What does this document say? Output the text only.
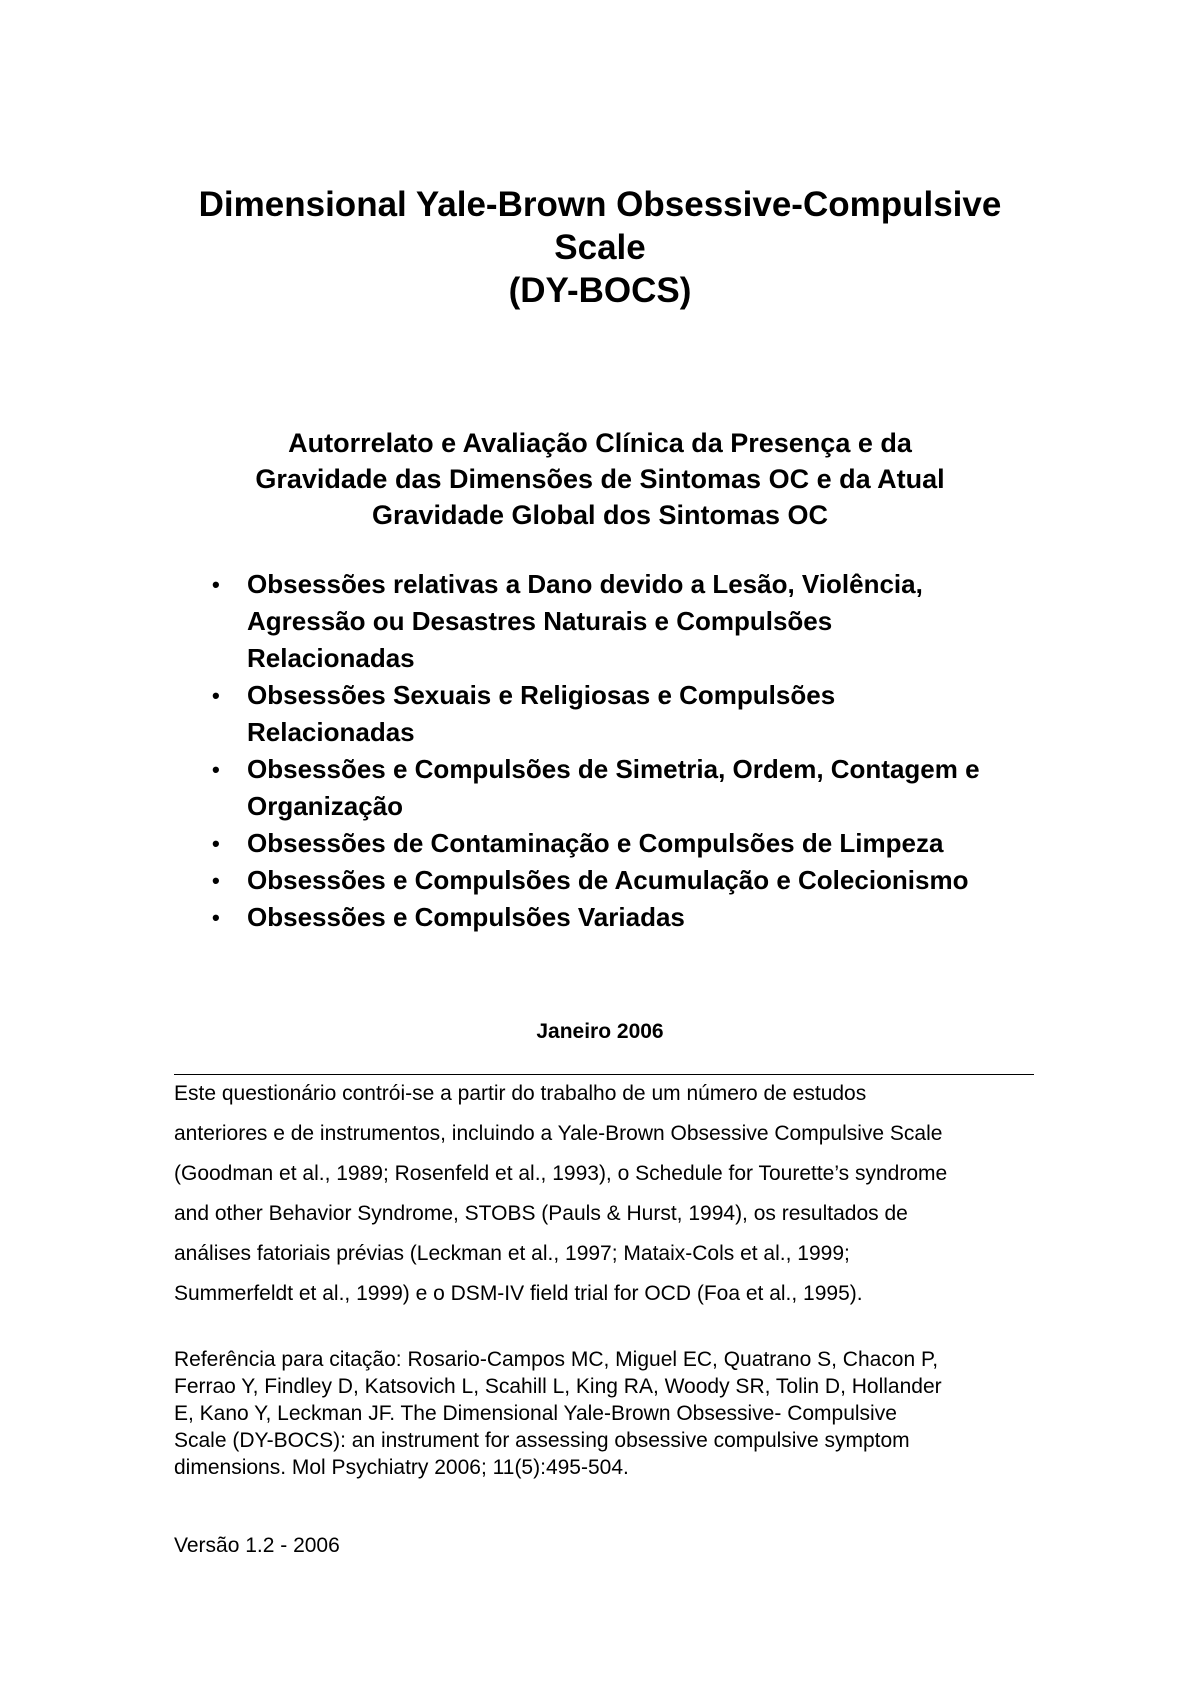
Dimensional Yale-Brown Obsessive-Compulsive
Scale
(DY-BOCS)
Autorrelato e Avaliação Clínica da Presença e da
Gravidade das Dimensões de Sintomas OC e da Atual
Gravidade Global dos Sintomas OC
• Obsessões relativas a Dano devido a Lesão, Violência,
Agressão ou Desastres Naturais e Compulsões
Relacionadas
• Obsessões Sexuais e Religiosas e Compulsões
Relacionadas
• Obsessões e Compulsões de Simetria, Ordem, Contagem e
Organização
• Obsessões de Contaminação e Compulsões de Limpeza
• Obsessões e Compulsões de Acumulação e Colecionismo
• Obsessões e Compulsões Variadas
Janeiro 2006

Este questionário contrói-se a partir do trabalho de um número de estudos
anteriores e de instrumentos, incluindo a Yale-Brown Obsessive Compulsive Scale
(Goodman et al., 1989; Rosenfeld et al., 1993), o Schedule for Tourette’s syndrome
and other Behavior Syndrome, STOBS (Pauls & Hurst, 1994), os resultados de
análises fatoriais prévias (Leckman et al., 1997; Mataix-Cols et al., 1999;
Summerfeldt et al., 1999) e o DSM-IV field trial for OCD (Foa et al., 1995).

Referência para citação: Rosario-Campos MC, Miguel EC, Quatrano S, Chacon P,
Ferrao Y, Findley D, Katsovich L, Scahill L, King RA, Woody SR, Tolin D, Hollander
E, Kano Y, Leckman JF. The Dimensional Yale-Brown Obsessive- Compulsive
Scale (DY-BOCS): an instrument for assessing obsessive compulsive symptom
dimensions. Mol Psychiatry 2006; 11(5):495-504.

Versão 1.2 - 2006
